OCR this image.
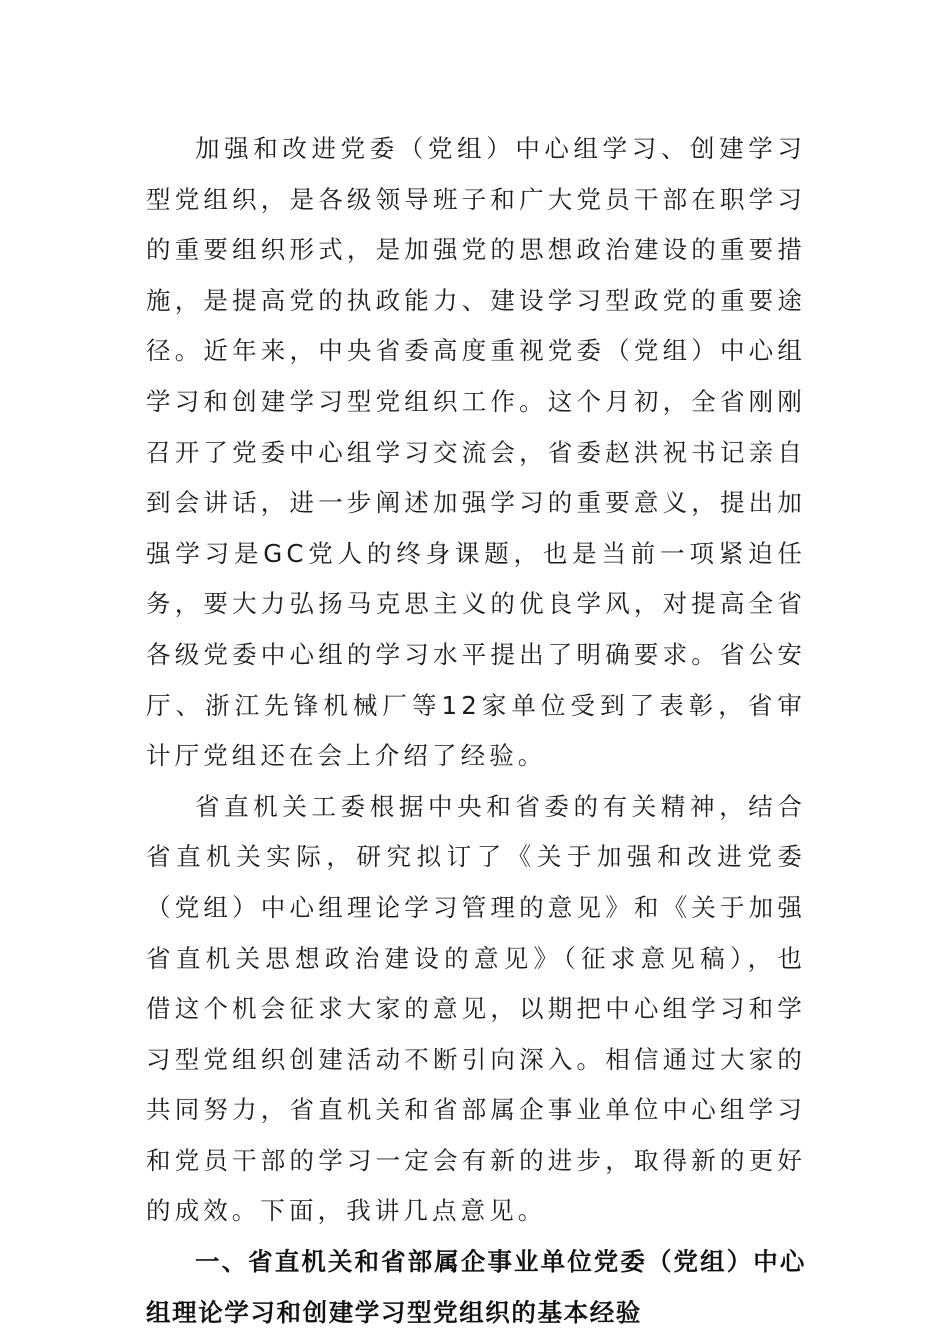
加强和改进党委（党组）中心组学习、创建学习型党组织，是各级领导班子和广大党员干部在职学习的重要组织形式，是加强党的思想政治建设的重要措施，是提高党的执政能力、建设学习型政党的重要途径。近年来，中央省委高度重视党委（党组）中心组学习和创建学习型党组织工作。这个月初，全省刚刚召开了党委中心组学习交流会，省委赵洪祝书记亲自到会讲话，进一步阐述加强学习的重要意义，提出加强学习是GC党人的终身课题，也是当前一项紧迫任务，要大力弘扬马克思主义的优良学风，对提高全省各级党委中心组的学习水平提出了明确要求。省公安厅、浙江先锋机械厂等12家单位受到了表彰，省审计厅党组还在会上介绍了经验。

省直机关工委根据中央和省委的有关精神，结合省直机关实际，研究拟订了《关于加强和改进党委（党组）中心组理论学习管理的意见》和《关于加强省直机关思想政治建设的意见》（征求意见稿），也借这个机会征求大家的意见，以期把中心组学习和学习型党组织创建活动不断引向深入。相信通过大家的共同努力，省直机关和省部属企事业单位中心组学习和党员干部的学习一定会有新的进步，取得新的更好的成效。下面，我讲几点意见。

一、省直机关和省部属企事业单位党委（党组）中心组理论学习和创建学习型党组织的基本经验
